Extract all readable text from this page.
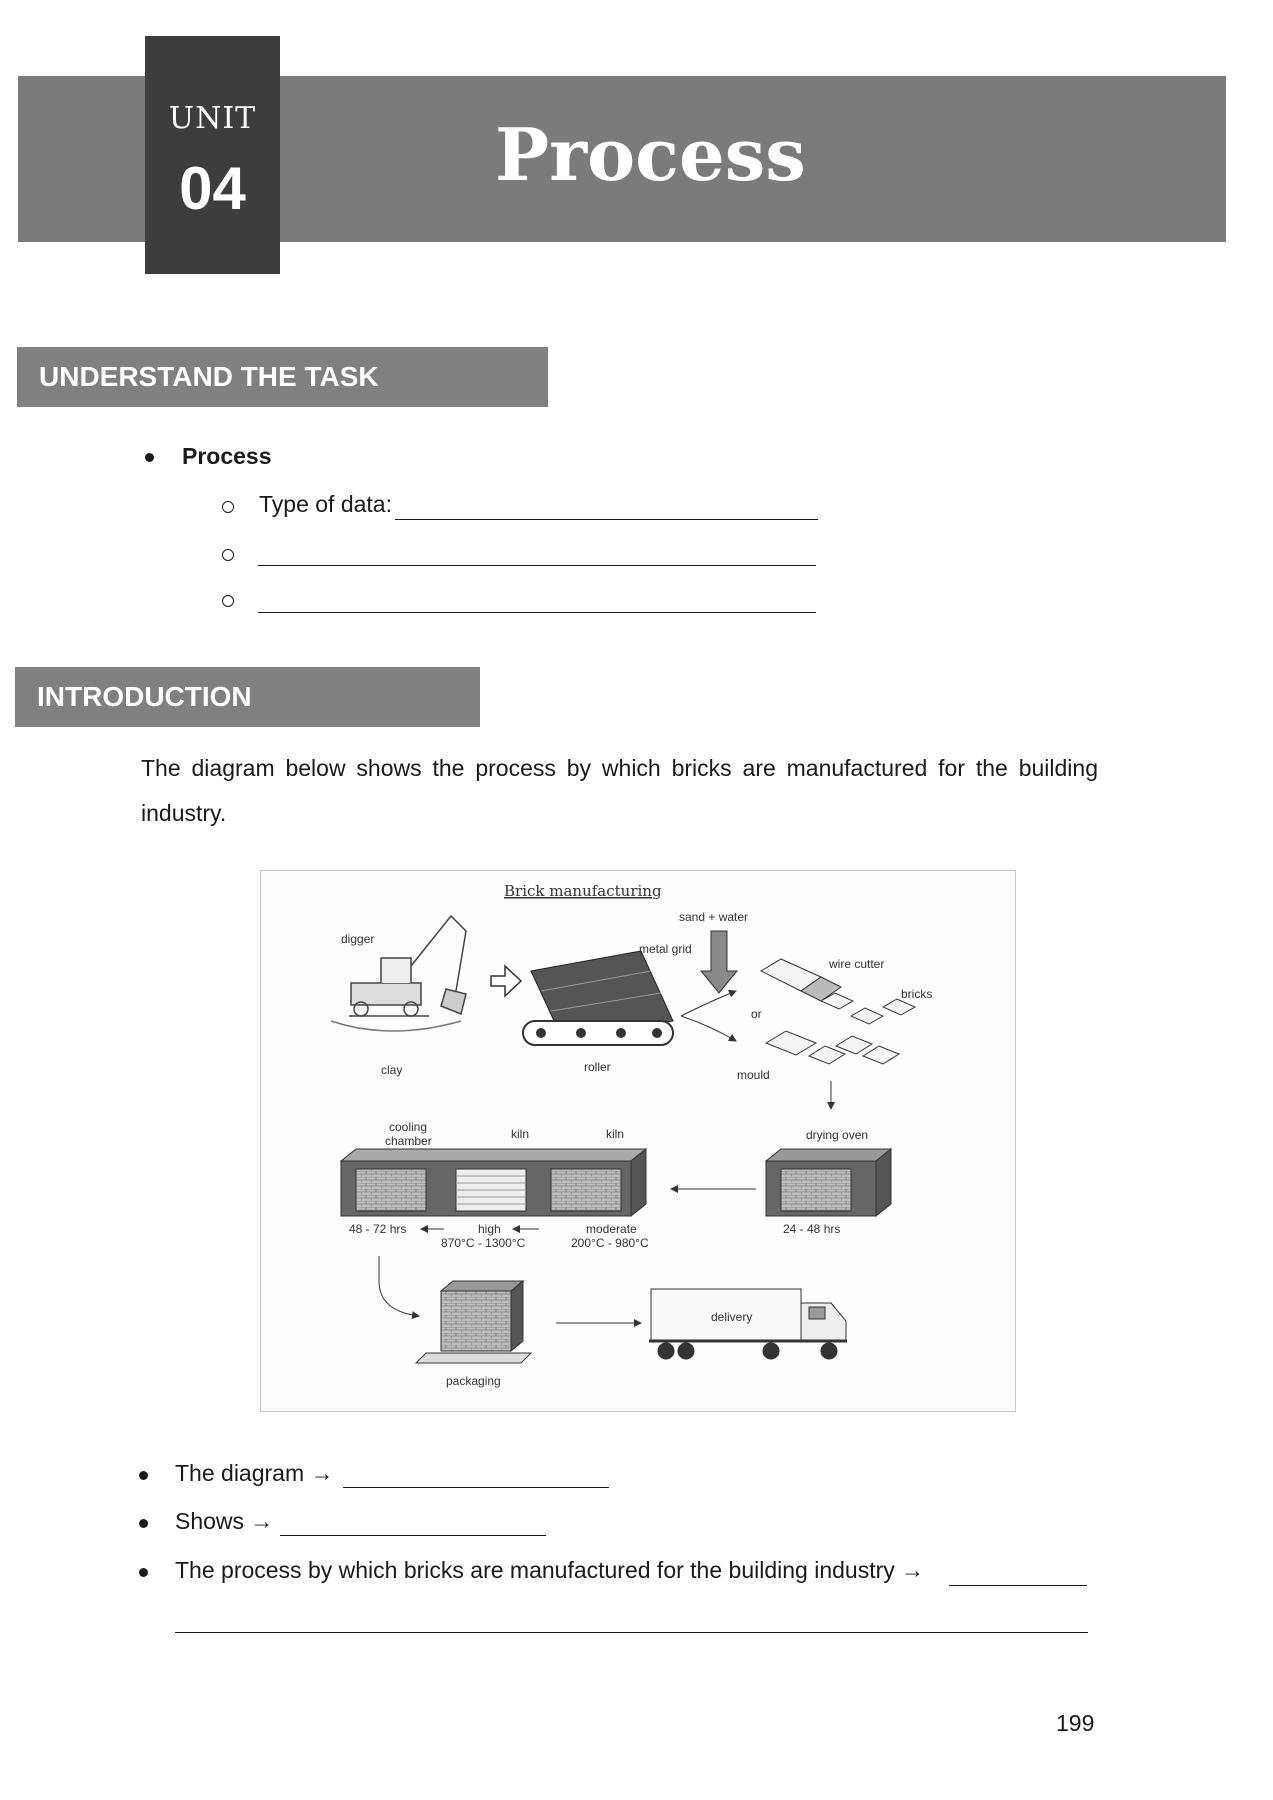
UNIT
04	Process
UNDERSTAND THE TASK
Process
Type of data:
INTRODUCTION
The diagram below shows the process by which bricks are manufactured for the building industry.
Brick manufacturing
digger
clay
metal grid
roller
sand + water
or
wire cutter
bricks
mould
drying oven
24 - 48 hrs
cooling
chamber	kiln	kiln
48 - 72 hrs	high
870°C - 1300°C
moderate
200°C - 980°C
packaging
delivery
The diagram →
Shows →
The process by which bricks are manufactured for the building industry →
199
